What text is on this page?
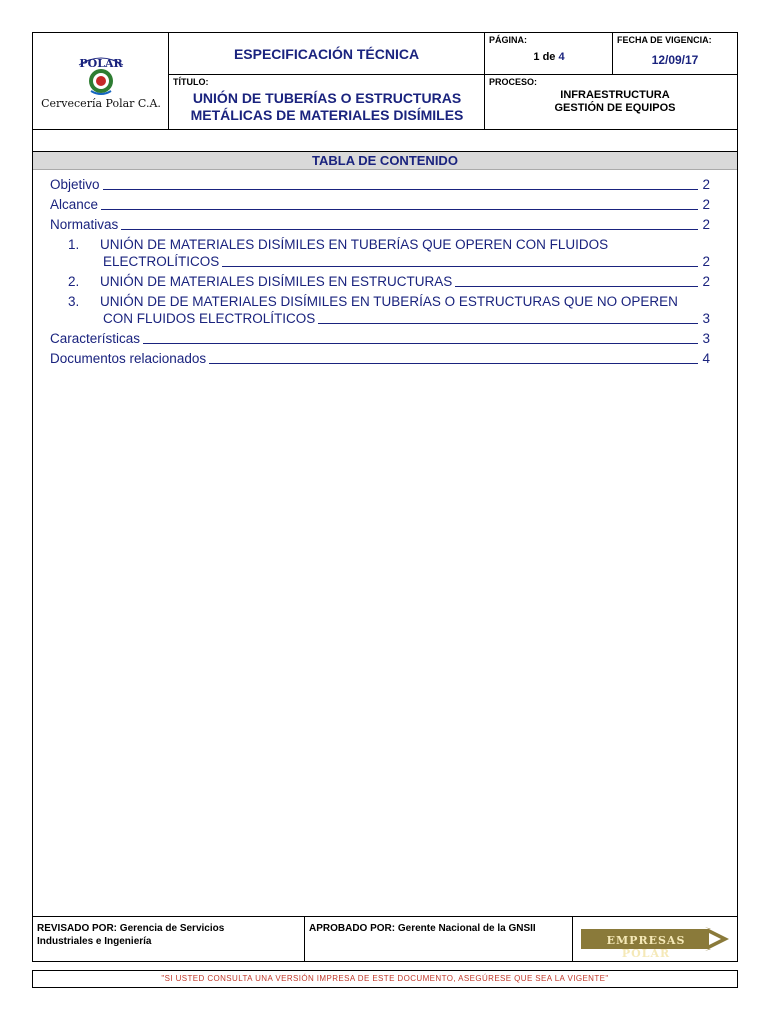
POLAR
Cervecería Polar C.A.
ESPECIFICACIÓN TÉCNICA
TÍTULO:
UNIÓN DE TUBERÍAS O ESTRUCTURAS
METÁLICAS DE MATERIALES DISÍMILES
PÁGINA:
1 de 4
FECHA DE VIGENCIA:
12/09/17
PROCESO:
INFRAESTRUCTURA
GESTIÓN DE EQUIPOS
TABLA DE CONTENIDO
Objetivo	2
Alcance	2
Normativas	2
1.	UNIÓN DE MATERIALES DISÍMILES EN TUBERÍAS QUE OPEREN CON FLUIDOS
ELECTROLÍTICOS	2
2.	UNIÓN DE MATERIALES DISÍMILES EN ESTRUCTURAS	2
3.	UNIÓN DE DE MATERIALES DISÍMILES EN TUBERÍAS O ESTRUCTURAS QUE NO OPEREN
CON FLUIDOS ELECTROLÍTICOS	3
Características	3
Documentos relacionados	4
REVISADO POR: Gerencia de Servicios
Industriales e Ingeniería
APROBADO POR: Gerente Nacional de la GNSII
EMPRESAS POLAR
"SI USTED CONSULTA UNA VERSIÓN IMPRESA DE ESTE DOCUMENTO, ASEGÚRESE QUE SEA LA VIGENTE"
